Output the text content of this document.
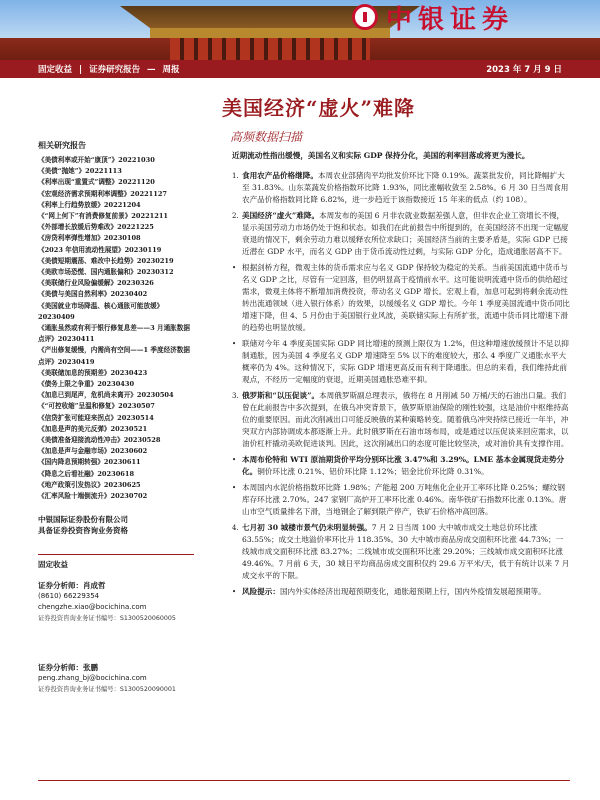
中银证券
固定收益 | 证券研究报告 — 周报	2023 年 7 月 9 日
美国经济“虚火”难降
高频数据扫描
相关研究报告
《美债利率或开始“康顶”》20221030
《美债“抛她”》20221113
《利率出现“重置式”调整》20221120
《宏观经济需求预期利率调整》20221127
《利率上行趋势放缓》20221204
《“网上何下”有消费修复前景》20221211
《外部增长放缓后势难改》20221225
《房贷利率弹性增加》20230108
《2023 年信用流动性展望》20230119
《美债短期震荡、难改中长趋势》20230219
《美欧市场恐慌、国内通胀偏和》20230312
《美联储行业风险偏缓解》20230326
《美债与美国自然利率》20230402
《美国就业市场降温、核心通胀可能放缓》20230409
《通胀虽然或有利于银行修复息差——3 月通胀数据点评》20230411
《产出修复缓慢，内需尚有空间——1 季度经济数据点评》20230419
《美联储加息的预期差》20230423
《债务上限之争重》20230430
《加息已到尾声，危机尚未离开》20230504
《“可控收缩”呈温和修复》20230507
《信贷扩张可能迎来拐点》20230514
《加息是声的美元反弹》20230521
《美债准备迎接流动性冲击》20230528
《加息是声与金融市场》20230602
《国内降息预期转强》20230611
《降息之后看社融》20230618
《地产政策引发热议》20230625
《汇率风险十端倒流升》20230702
中银国际证券股份有限公司
具备证券投资咨询业务资格
固定收益
证券分析师：肖成哲
(8610) 66229354
chengzhe.xiao@bocichina.com
证券投资咨询业务证书编号：S1300520060005
证券分析师：张鹏
peng.zhang_bj@bocichina.com
证券投资咨询业务证书编号：S1300520090001
近期流动性指出缓慢，美国名义和实际 GDP 保持分化，美国的利率回落或将更为漫长。
1. 食用农产品价格继降。本周农业部猪肉平均批发价环比下降 0.19%。蔬菜批发价，同比降幅扩大至 31.83%。山东菜蔬发价格指数环比降 1.93%，同比涨幅收敛至 2.58%。6 月 30 日当周食用农产品价格指数同比降 6.82%，进一步趋近于该指数接近 15 年来的低点（约 108）。
2. 美国经济“虚火”难降。本周发布的美国 6 月非农就业数据差强人意，但非农企业工资增长不慢，显示美国劳动力市场仍处于饱和状态。如我们在此前报告中所提到的，在美国经济不出现一定幅度衰退的情况下，剩余劳动力难以缓释农所位求缺口；美国经济当前的主要矛盾是，实际 GDP 已接近潜在 GDP 水平，而名义 GDP 由于货币流动性过剩，与实际 GDP 分化，造成通胀居高不下。
• 根据剑桥方程，微观主体的货币需求应与名义 GDP 保持较为稳定的关系。当前美国流通中货币与名义 GDP 之比，尽管有一定回落，但仍明显高于疫情前水平。这可能说明流通中货币的供给超过需求，微观主体将不断增加消费投资，带动名义 GDP 增长。宏观上看，加息可起到将剩余流动性转出流通领域（进入银行体系）的效果，以缓缓名义 GDP 增长。今年 1 季度美国流通中货币同比增速下降，但 4、5 月份由于美国银行业风波，美联储实际上有所扩张，流通中货币同比增速下滑的趋势也明显放缓。
• 联储对今年 4 季度美国实际 GDP 同比增速的预测上限仅为 1.2%，但这种增速放缓预计不足以抑制通胀，因为美国 4 季度名义 GDP 增速降至 5% 以下的难度较大，那么 4 季度广义通胀水平大概率仍为 4%。这种情况下，实际 GDP 增速更高反而有利于降通胀。但总的来看，我们维持此前观点，不经历一定幅度的衰退，近期美国通胀恐难平抑。
3. 俄罗斯和“以压促谈”。本周俄罗斯副总理表示，俄将在 8 月削减 50 万桶/天的石油出口量。我们曾在此前报告中多次提到，在俄乌冲突背景下，俄罗斯原油保险的刚性较强，这是油价中枢维持高位的重要原因。而此次削减出口可能反映俄的某种策略转变。随着俄乌冲突持续已接近一年半，冲突双方内部协调成本都逐渐上升。此时俄罗斯在石油市场布局，或是通过以压促谈来回应需求，以油价杠杆撬动美欧促进谈判。因此，这次削减出口的态度可能比较坚决，或对油价具有支撑作用。
• 本周布伦特和 WTI 原油期货价平均分别环比涨 3.47%和 3.29%。LME 基本金属现货走势分化。铜价环比涨 0.21%、铝价环比降 1.12%；铝金比价环比降 0.31%。
• 本周国内水泥价格指数环比降 1.98%；产能超 200 万吨焦化企业开工率环比降 0.25%；螺纹钢库存环比涨 2.70%。247 家钢厂高炉开工率环比涨 0.46%。南华铁矿石指数环比涨 0.13%。唐山市空气质量排名下滑，当地钢企了解到限产停产，铁矿石价格冲高回落。
4. 七月初 30 城楼市景气仍未明显转强。7 月 2 日当周 100 大中城市成交土地总价环比涨 63.55%；成交土地溢价率环比升 118.35%。30 大中城市商品房成交面积环比涨 44.73%；一线城市成交面积环比涨 83.27%；二线城市成交面积环比涨 29.20%；三线城市成交面积环比涨 49.46%。7 月前 6 天，30 城日平均商品房成交面积仅约 29.6 万平米/天，低于有统计以来 7 月成交水平的下限。
• 风险提示：国内外实体经济出现超预期变化，通胀超预期上行，国内外疫情发展超预期等。
